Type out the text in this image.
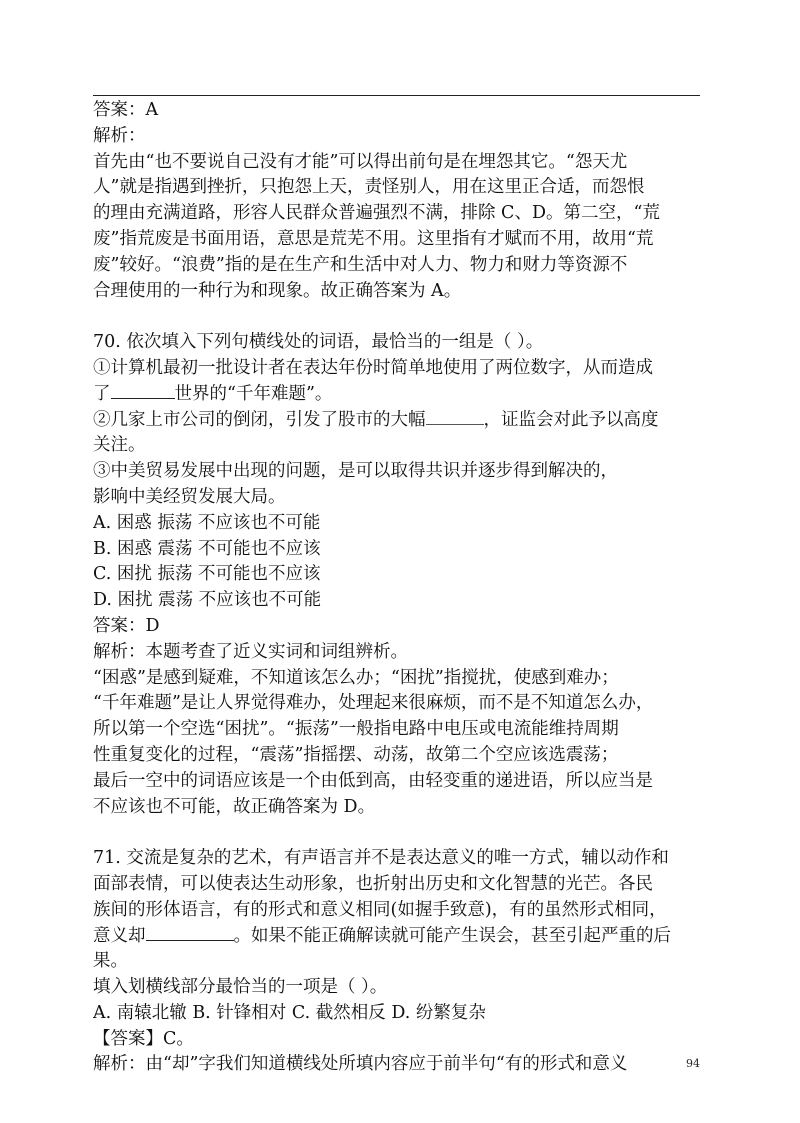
答案：A
解析：
首先由“也不要说自己没有才能”可以得出前句是在埋怨其它。“怨天尤
人”就是指遇到挫折，只抱怨上天，责怪别人，用在这里正合适，而怨恨
的理由充满道路，形容人民群众普遍强烈不满，排除 C、D。第二空，“荒
废”指荒废是书面用语，意思是荒芜不用。这里指有才赋而不用，故用“荒
废”较好。“浪费”指的是在生产和生活中对人力、物力和财力等资源不
合理使用的一种行为和现象。故正确答案为 A。
70. 依次填入下列句横线处的词语，最恰当的一组是（ ）。
①计算机最初一批设计者在表达年份时简单地使用了两位数字，从而造成
了	世界的“千年难题”。
②几家上市公司的倒闭，引发了股市的大幅	，证监会对此予以高度
关注。
③中美贸易发展中出现的问题，是可以取得共识并逐步得到解决的，
影响中美经贸发展大局。
A. 困惑 振荡 不应该也不可能
B. 困惑 震荡 不可能也不应该
C. 困扰 振荡 不可能也不应该
D. 困扰 震荡 不应该也不可能
答案：D
解析：本题考查了近义实词和词组辨析。
“困惑”是感到疑难，不知道该怎么办；“困扰”指搅扰，使感到难办；
“千年难题”是让人界觉得难办，处理起来很麻烦，而不是不知道怎么办，
所以第一个空选“困扰”。“振荡”一般指电路中电压或电流能维持周期
性重复变化的过程，“震荡”指摇摆、动荡，故第二个空应该选震荡；
最后一空中的词语应该是一个由低到高，由轻变重的递进语，所以应当是
不应该也不可能，故正确答案为 D。
71. 交流是复杂的艺术，有声语言并不是表达意义的唯一方式，辅以动作和
面部表情，可以使表达生动形象，也折射出历史和文化智慧的光芒。各民
族间的形体语言，有的形式和意义相同(如握手致意)，有的虽然形式相同，
意义却	。如果不能正确解读就可能产生误会，甚至引起严重的后
果。
填入划横线部分最恰当的一项是（ ）。
A. 南辕北辙 B. 针锋相对 C. 截然相反 D. 纷繁复杂
【答案】C。
解析：由“却”字我们知道横线处所填内容应于前半句“有的形式和意义	94
